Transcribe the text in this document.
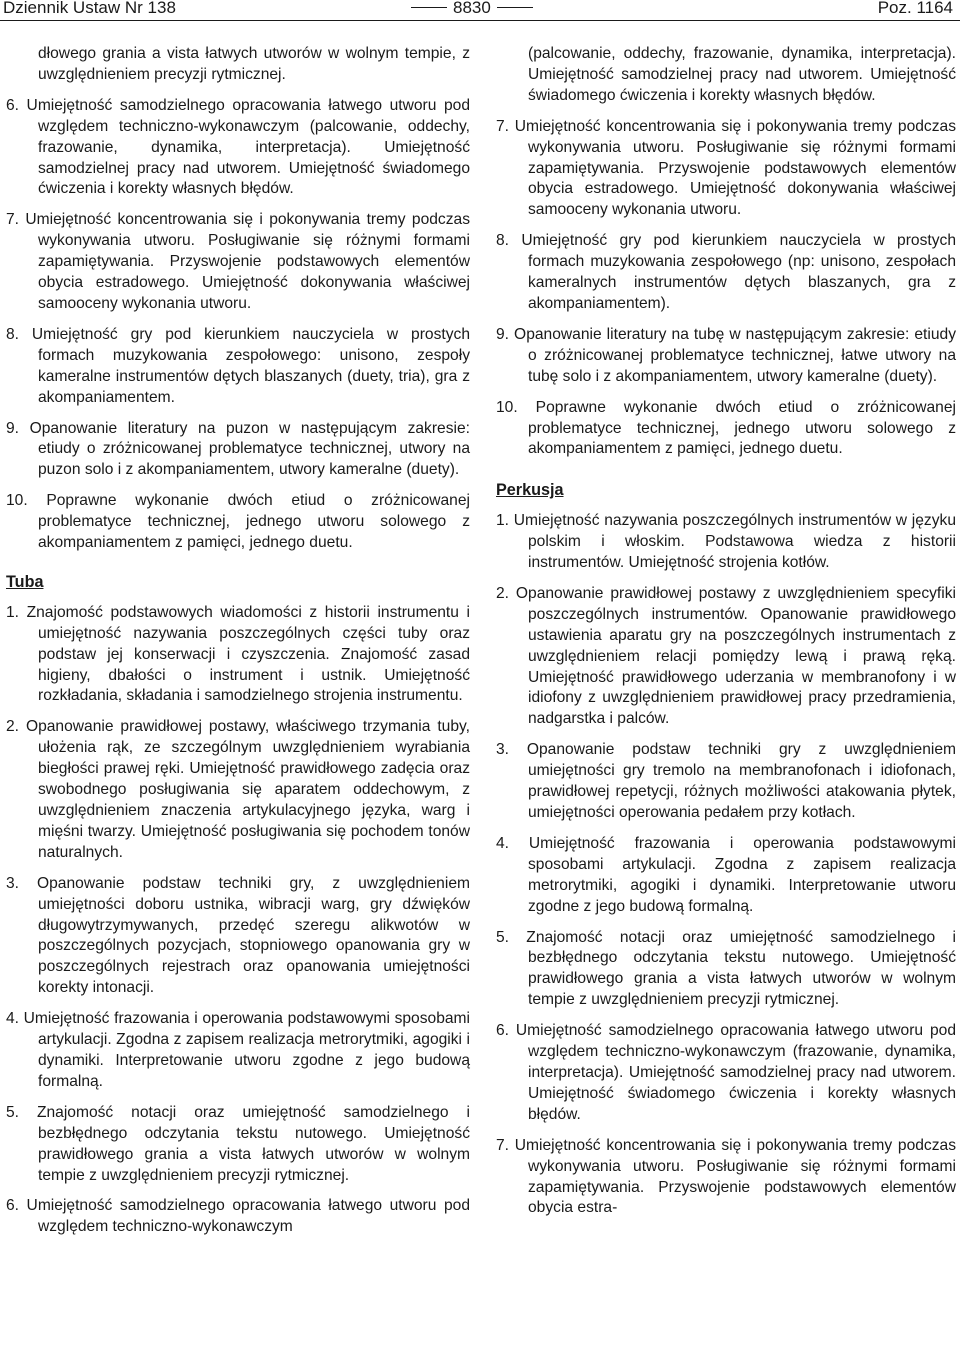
Dziennik Ustaw Nr 138	8830	Poz. 1164

dłowego grania a vista łatwych utworów w wolnym tempie, z uwzględnieniem precyzji rytmicznej.

6. Umiejętność samodzielnego opracowania łatwego utworu pod względem techniczno-wykonawczym (palcowanie, oddechy, frazowanie, dynamika, interpretacja). Umiejętność samodzielnej pracy nad utworem. Umiejętność świadomego ćwiczenia i korekty własnych błędów.

7. Umiejętność koncentrowania się i pokonywania tremy podczas wykonywania utworu. Posługiwanie się różnymi formami zapamiętywania. Przyswojenie podstawowych elementów obycia estradowego. Umiejętność dokonywania właściwej samooceny wykonania utworu.

8. Umiejętność gry pod kierunkiem nauczyciela w prostych formach muzykowania zespołowego: unisono, zespoły kameralne instrumentów dętych blaszanych (duety, tria), gra z akompaniamentem.

9. Opanowanie literatury na puzon w następującym zakresie: etiudy o zróżnicowanej problematyce technicznej, utwory na puzon solo i z akompaniamentem, utwory kameralne (duety).

10. Poprawne wykonanie dwóch etiud o zróżnicowanej problematyce technicznej, jednego utworu solowego z akompaniamentem z pamięci, jednego duetu.

Tuba

1. Znajomość podstawowych wiadomości z historii instrumentu i umiejętność nazywania poszczególnych części tuby oraz podstaw jej konserwacji i czyszczenia. Znajomość zasad higieny, dbałości o instrument i ustnik. Umiejętność rozkładania, składania i samodzielnego strojenia instrumentu.

2. Opanowanie prawidłowej postawy, właściwego trzymania tuby, ułożenia rąk, ze szczególnym uwzględnieniem wyrabiania biegłości prawej ręki. Umiejętność prawidłowego zadęcia oraz swobodnego posługiwania się aparatem oddechowym, z uwzględnieniem znaczenia artykulacyjnego języka, warg i mięśni twarzy. Umiejętność posługiwania się pochodem tonów naturalnych.

3. Opanowanie podstaw techniki gry, z uwzględnieniem umiejętności doboru ustnika, wibracji warg, gry dźwięków długowytrzymywanych, przedęć szeregu alikwotów w poszczególnych pozycjach, stopniowego opanowania gry w poszczególnych rejestrach oraz opanowania umiejętności korekty intonacji.

4. Umiejętność frazowania i operowania podstawowymi sposobami artykulacji. Zgodna z zapisem realizacja metrorytmiki, agogiki i dynamiki. Interpretowanie utworu zgodne z jego budową formalną.

5. Znajomość notacji oraz umiejętność samodzielnego i bezbłędnego odczytania tekstu nutowego. Umiejętność prawidłowego grania a vista łatwych utworów w wolnym tempie z uwzględnieniem precyzji rytmicznej.

6. Umiejętność samodzielnego opracowania łatwego utworu pod względem techniczno-wykonawczym

(palcowanie, oddechy, frazowanie, dynamika, interpretacja). Umiejętność samodzielnej pracy nad utworem. Umiejętność świadomego ćwiczenia i korekty własnych błędów.

7. Umiejętność koncentrowania się i pokonywania tremy podczas wykonywania utworu. Posługiwanie się różnymi formami zapamiętywania. Przyswojenie podstawowych elementów obycia estradowego. Umiejętność dokonywania właściwej samooceny wykonania utworu.

8. Umiejętność gry pod kierunkiem nauczyciela w prostych formach muzykowania zespołowego (np: unisono, zespołach kameralnych instrumentów dętych blaszanych, gra z akompaniamentem).

9. Opanowanie literatury na tubę w następującym zakresie: etiudy o zróżnicowanej problematyce technicznej, łatwe utwory na tubę solo i z akompaniamentem, utwory kameralne (duety).

10. Poprawne wykonanie dwóch etiud o zróżnicowanej problematyce technicznej, jednego utworu solowego z akompaniamentem z pamięci, jednego duetu.

Perkusja

1. Umiejętność nazywania poszczególnych instrumentów w języku polskim i włoskim. Podstawowa wiedza z historii instrumentów. Umiejętność strojenia kotłów.

2. Opanowanie prawidłowej postawy z uwzględnieniem specyfiki poszczególnych instrumentów. Opanowanie prawidłowego ustawienia aparatu gry na poszczególnych instrumentach z uwzględnieniem relacji pomiędzy lewą i prawą ręką. Umiejętność prawidłowego uderzania w membranofony i w idiofony z uwzględnieniem prawidłowej pracy przedramienia, nadgarstka i palców.

3. Opanowanie podstaw techniki gry z uwzględnieniem umiejętności gry tremolo na membranofonach i idiofonach, prawidłowej repetycji, różnych możliwości atakowania płytek, umiejętności operowania pedałem przy kotłach.

4. Umiejętność frazowania i operowania podstawowymi sposobami artykulacji. Zgodna z zapisem realizacja metrorytmiki, agogiki i dynamiki. Interpretowanie utworu zgodne z jego budową formalną.

5. Znajomość notacji oraz umiejętność samodzielnego i bezbłędnego odczytania tekstu nutowego. Umiejętność prawidłowego grania a vista łatwych utworów w wolnym tempie z uwzględnieniem precyzji rytmicznej.

6. Umiejętność samodzielnego opracowania łatwego utworu pod względem techniczno-wykonawczym (frazowanie, dynamika, interpretacja). Umiejętność samodzielnej pracy nad utworem. Umiejętność świadomego ćwiczenia i korekty własnych błędów.

7. Umiejętność koncentrowania się i pokonywania tremy podczas wykonywania utworu. Posługiwanie się różnymi formami zapamiętywania. Przyswojenie podstawowych elementów obycia estra-
